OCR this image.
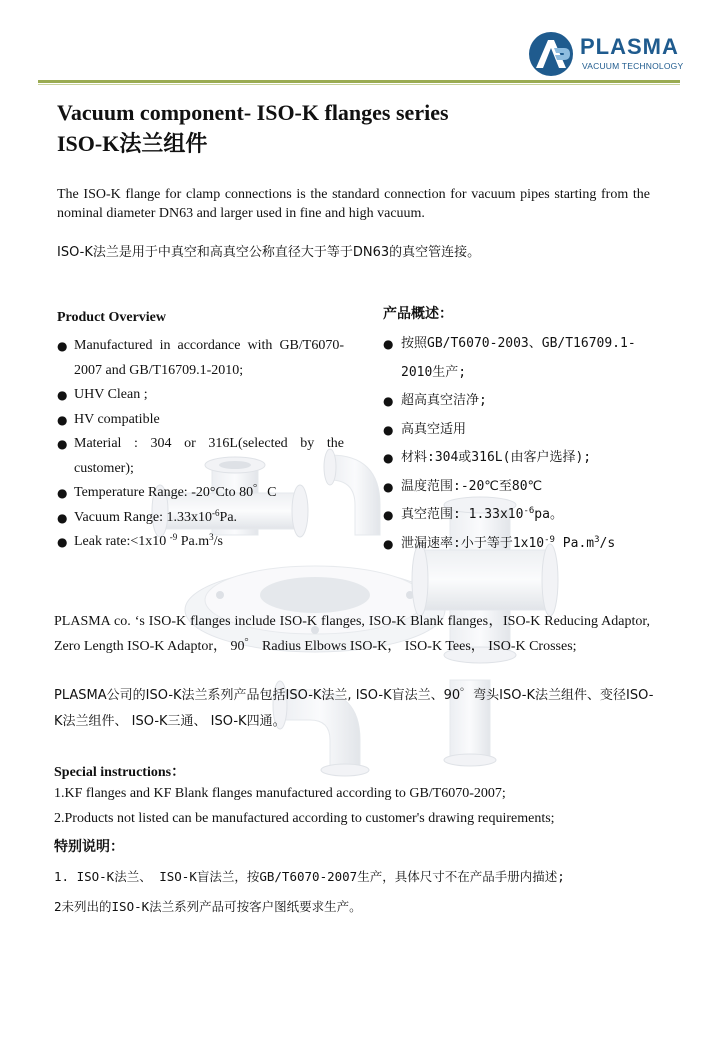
PLASMA
VACUUM TECHNOLOGY
Vacuum component- ISO-K flanges series
ISO-K法兰组件
The ISO-K flange for clamp connections is the standard connection for vacuum pipes starting from the nominal diameter DN63 and larger used in fine and high vacuum.
ISO-K法兰是用于中真空和高真空公称直径大于等于DN63的真空管连接。
Product Overview
● Manufactured in accordance with GB/T6070-2007 and GB/T16709.1-2010;
● UHV Clean ;
● HV compatible
● Material : 304 or 316L(selected by the customer);
● Temperature Range: -20°Cto 80゜C
● Vacuum Range: $1.33x10^{-6}Pa$.
● Leak rate:<1x10 $^{-9}$ $Pa.m^3/s$
产品概述：
● 按照GB/T6070-2003、GB/T16709.1-2010生产;
● 超高真空洁净;
● 高真空适用
● 材料:304或316L(由客户选择);
● 温度范围:-20℃至80℃
● 真空范围: $1.33x10^{-6}pa$。
● 泄漏速率:小于等于$1x10^{-9}$ $Pa.m^3/s$
PLASMA co. ‘s ISO-K flanges include ISO-K flanges, ISO-K Blank flanges，ISO-K Reducing Adaptor, Zero Length ISO-K Adaptor， 90゜ Radius Elbows ISO-K， ISO-K Tees， ISO-K Crosses;
PLASMA公司的ISO-K法兰系列产品包括ISO-K法兰, ISO-K盲法兰、90゜弯头ISO-K法兰组件、变径ISO-K法兰组件、 ISO-K三通、 ISO-K四通。
Special instructions：
1.KF flanges and KF Blank flanges manufactured according to GB/T6070-2007;
2.Products not listed can be manufactured according to customer's drawing requirements;
特别说明：
1. ISO-K法兰、 ISO-K盲法兰，按GB/T6070-2007生产，具体尺寸不在产品手册内描述;
2未列出的ISO-K法兰系列产品可按客户图纸要求生产。
